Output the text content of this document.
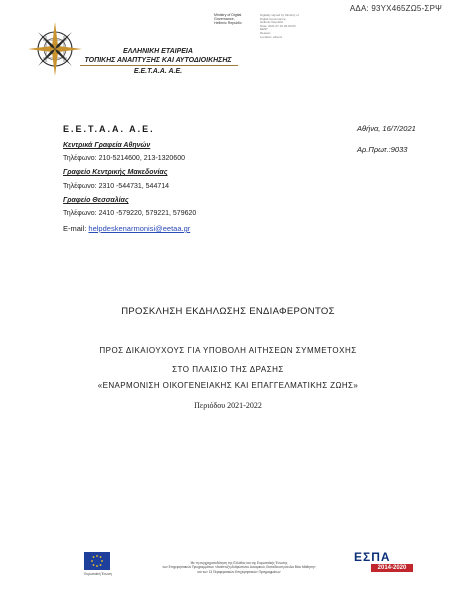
ΑΔΑ: 93ΥΧ465ΖΩ5-ΣΡΨ
Ministry of Digital
Governance,
Hellenic Republic
Digitally signed by Ministry of
Digital Governance,
Hellenic Republic
Date: 2021.07.16 20:00:00
EEST
Reason:
Location: Athens
ΕΛΛΗΝΙΚΗ ΕΤΑΙΡΕΙΑ
ΤΟΠΙΚΗΣ ΑΝΑΠΤΥΞΗΣ ΚΑΙ ΑΥΤΟΔΙΟΙΚΗΣΗΣ
Ε.Ε.Τ.Α.Α. Α.Ε.
Ε.Ε.Τ.Α.Α. Α.Ε.
Κεντρικά Γραφεία Αθηνών
Τηλέφωνο: 210-5214600, 213-1320600
Γραφείο Κεντρικής Μακεδονίας
Τηλέφωνο: 2310 -544731, 544714
Γραφείο Θεσσαλίας
Τηλέφωνο: 2410 -579220, 579221, 579620
E-mail: helpdeskenarmonisi@eetaa.gr
Αθήνα, 16/7/2021
Αρ.Πρωτ.:9033
ΠΡΟΣΚΛΗΣΗ ΕΚΔΗΛΩΣΗΣ ΕΝΔΙΑΦΕΡΟΝΤΟΣ
ΠΡΟΣ ΔΙΚΑΙΟΥΧΟΥΣ ΓΙΑ ΥΠΟΒΟΛΗ ΑΙΤΗΣΕΩΝ ΣΥΜΜΕΤΟΧΗΣ
ΣΤΟ ΠΛΑΙΣΙΟ ΤΗΣ ΔΡΑΣΗΣ
«ΕΝΑΡΜΟΝΙΣΗ ΟΙΚΟΓΕΝΕΙΑΚΗΣ ΚΑΙ ΕΠΑΓΓΕΛΜΑΤΙΚΗΣ ΖΩΗΣ»
Περιόδου 2021-2022
Ευρωπαϊκή Ένωση
Με τη συγχρηματοδότηση της Ελλάδας και της Ευρωπαϊκής Ένωσης
των Επιχειρησιακών Προγραμμάτων «Ανάπτυξη Ανθρώπινου Δυναμικού, Εκπαίδευση και Δια Βίου Μάθηση»
και των 13 Περιφερειακών Επιχειρησιακών Προγραμμάτων
ΕΣΠΑ
2014-2020
